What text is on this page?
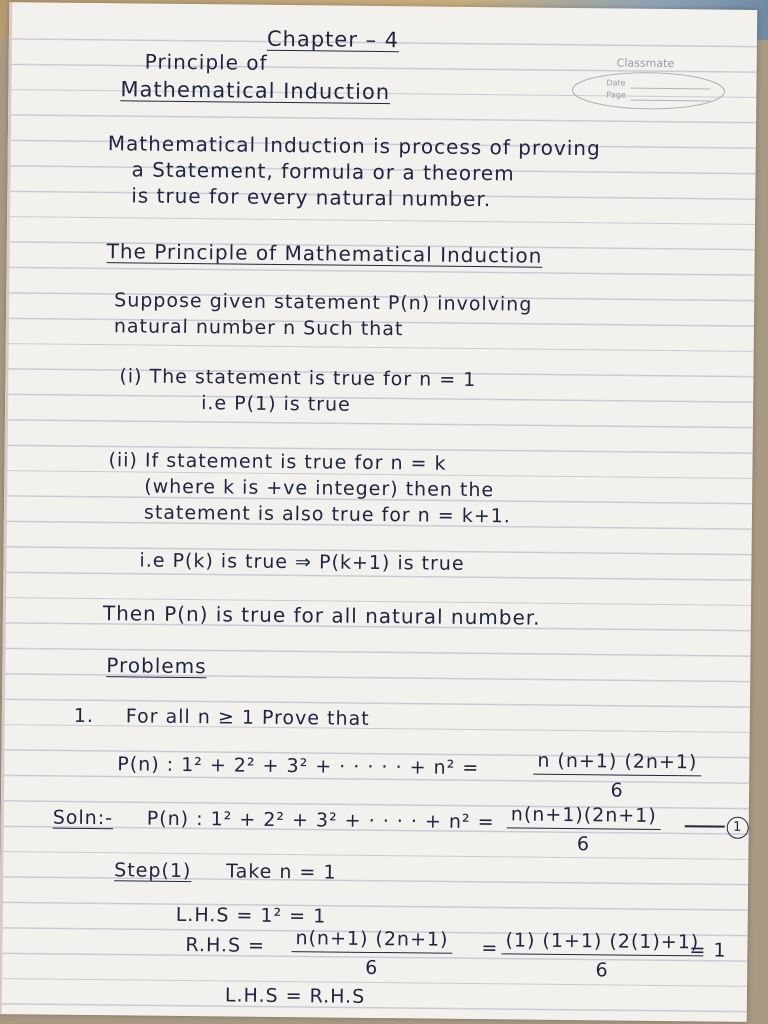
Chapter – 4
Principle of
Mathematical Induction
Classmate
Date
Page
Mathematical Induction is process of proving
a Statement, formula or a theorem
is true for every natural number.
The Principle of Mathematical Induction
Suppose given statement P(n) involving
natural number n Such that
(i) The statement is true for n = 1
i.e P(1) is true
(ii) If statement is true for n = k
(where k is +ve integer) then the
statement is also true for n = k+1.
i.e P(k) is true ⇒ P(k+1) is true
Then P(n) is true for all natural number.
Problems
1. For all n ≥ 1 Prove that
P(n) : 1² + 2² + 3² + · · · · · + n² =	$\frac{n (n+1) (2n+1)}{6}$
Soln:- P(n) : 1² + 2² + 3² + · · · · + $n^2 = \frac{n(n+1)(2n+1)}{6}$	1
Step(1) Take n = 1
L.H.S = 1² = 1
$R.H.S = \frac{n(n+1) (2n+1)}{6} = \frac{(1) (1+1) (2(1)+1)}{6}$
= 1
L.H.S = R.H.S
